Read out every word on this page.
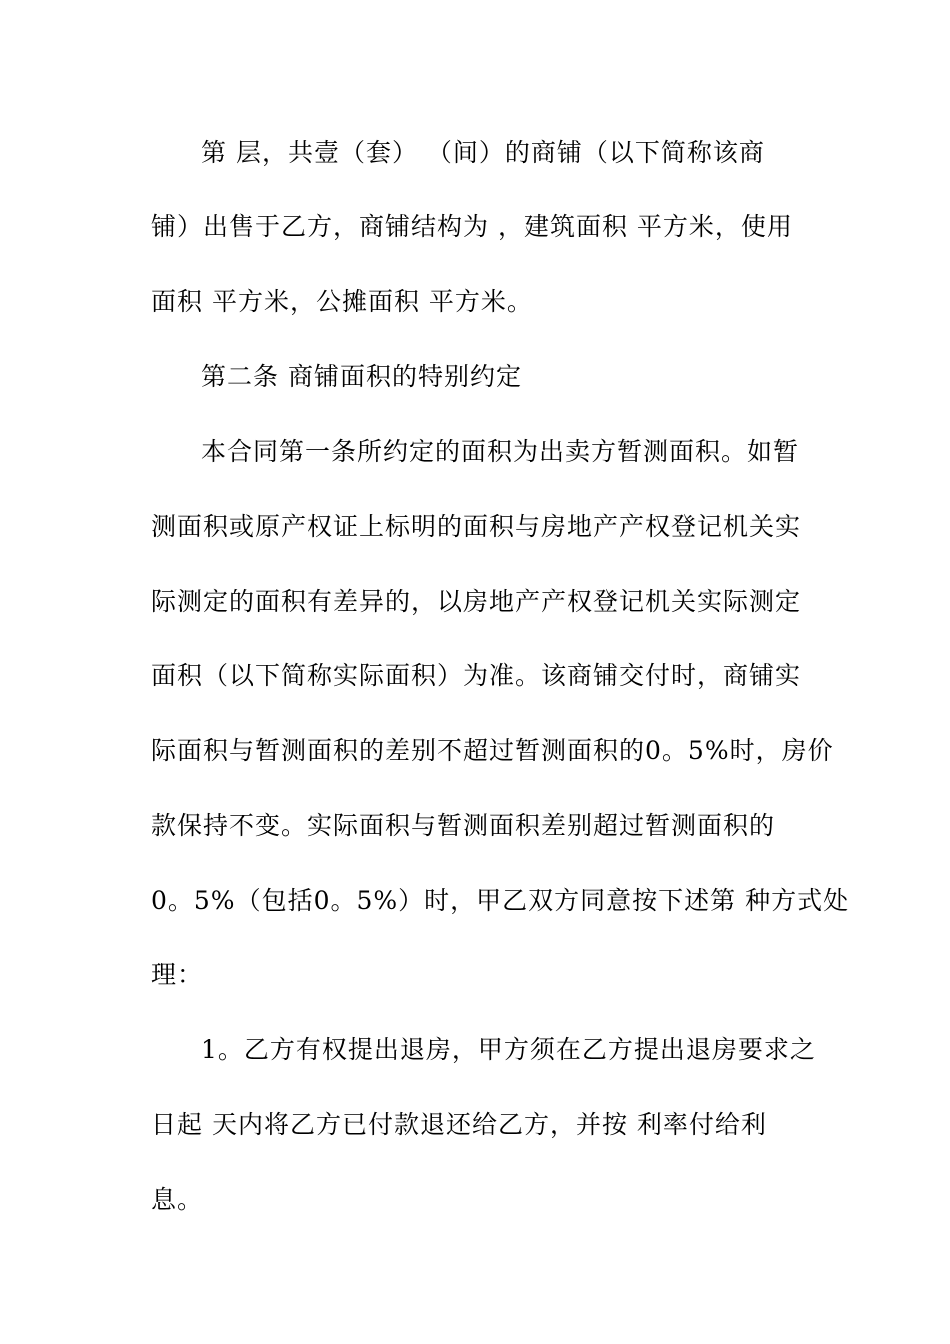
第 层，共壹（套） （间）的商铺（以下简称该商
铺）出售于乙方，商铺结构为 ，建筑面积 平方米，使用
面积 平方米，公摊面积 平方米。
第二条 商铺面积的特别约定
本合同第一条所约定的面积为出卖方暂测面积。如暂
测面积或原产权证上标明的面积与房地产产权登记机关实
际测定的面积有差异的，以房地产产权登记机关实际测定
面积（以下简称实际面积）为准。该商铺交付时，商铺实
际面积与暂测面积的差别不超过暂测面积的0。5%时，房价
款保持不变。实际面积与暂测面积差别超过暂测面积的
0。5%（包括0。5%）时，甲乙双方同意按下述第 种方式处
理：
1。乙方有权提出退房，甲方须在乙方提出退房要求之
日起 天内将乙方已付款退还给乙方，并按 利率付给利
息。
